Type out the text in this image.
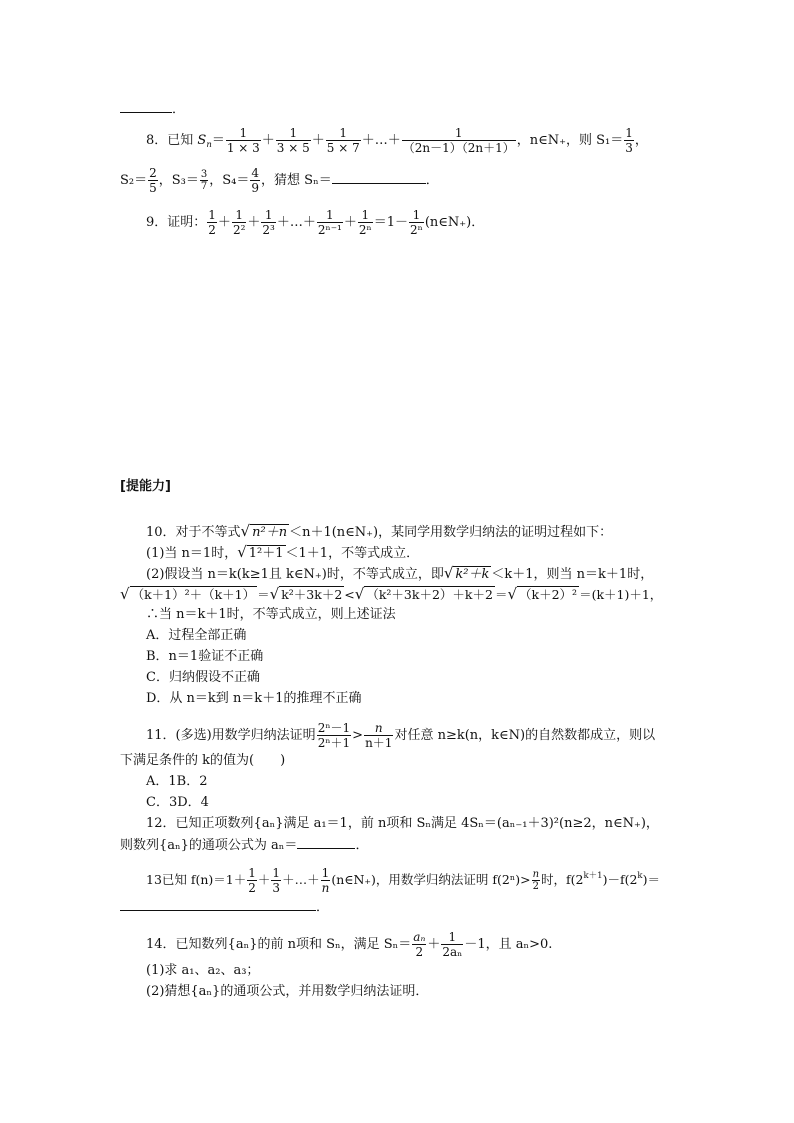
．
8．已知 $S_n= \frac{1}{1 \times 3} + \frac{1}{3 \times 5} + \frac{1}{5 \times 7}$ ＋…＋ $\frac{1}{(2n-1)(2n+1)}$ ，n∈N₊，则 $S_1= \frac{1}{3}$ ，
$S_2= \frac{2}{5}$ ，$S_3= \frac{3}{7}$ ，$S_4= \frac{4}{9}$ ，猜想 Sₙ＝	．
9．证明： $\frac{1}{2} + \frac{1}{\text{2²}} + \frac{1}{\text{2³}}$ ＋…＋ $\frac{1}{\text{2ⁿ⁻¹}} + \frac{1}{\text{2ⁿ}} =1- \frac{1}{\text{2ⁿ}}$ (n∈N₊)．
[提能力]
10．对于不等式√ n²＋n ＜n＋1(n∈N₊)，某同学用数学归纳法的证明过程如下：
(1)当 n＝1时，√ 1²＋1 ＜1＋1，不等式成立．
(2)假设当 n＝k(k≥1且 k∈N₊)时，不等式成立，即√ k²＋k ＜k＋1，则当 n＝k＋1时，
√ （k＋1）²＋（k＋1） ＝√ k²＋3k＋2 <√ （k²＋3k＋2）＋k＋2 ＝√ （k＋2）² ＝(k＋1)＋1，
∴当 n＝k＋1时，不等式成立，则上述证法
A．过程全部正确
B．n＝1验证不正确
C．归纳假设不正确
D．从 n＝k到 n＝k＋1的推理不正确
11．(多选)用数学归纳法证明 $\frac{\text{2ⁿ－1}}{\text{2ⁿ＋1}} > \frac{n}{n+1}$ 对任意 n≥k(n，k∈N)的自然数都成立，则以
下满足条件的 k的值为(　　)
A．1B．2
C．3D．4
12．已知正项数列{aₙ}满足 a₁＝1，前 n项和 Sₙ满足 4Sₙ＝(aₙ₋₁＋3)²(n≥2，n∈N₊)，
则数列{aₙ}的通项公式为 aₙ＝	．
13已知 $f(n)=1+ \frac{1}{2} + \frac{1}{3}$ ＋…＋ $\frac{1}{n}$ (n∈N₊)，用数学归纳法证明 $f(2^n)> \frac{n}{2}$ 时，$f(2^{k+1})-f(2^k)=$
．
14．已知数列{aₙ}的前 n项和 Sₙ，满足 $S_n= \frac{\text{aₙ}}{2} + \frac{1}{\text{2aₙ}} -1$，且 aₙ>0.
(1)求 a₁、a₂、a₃；
(2)猜想{aₙ}的通项公式，并用数学归纳法证明．
